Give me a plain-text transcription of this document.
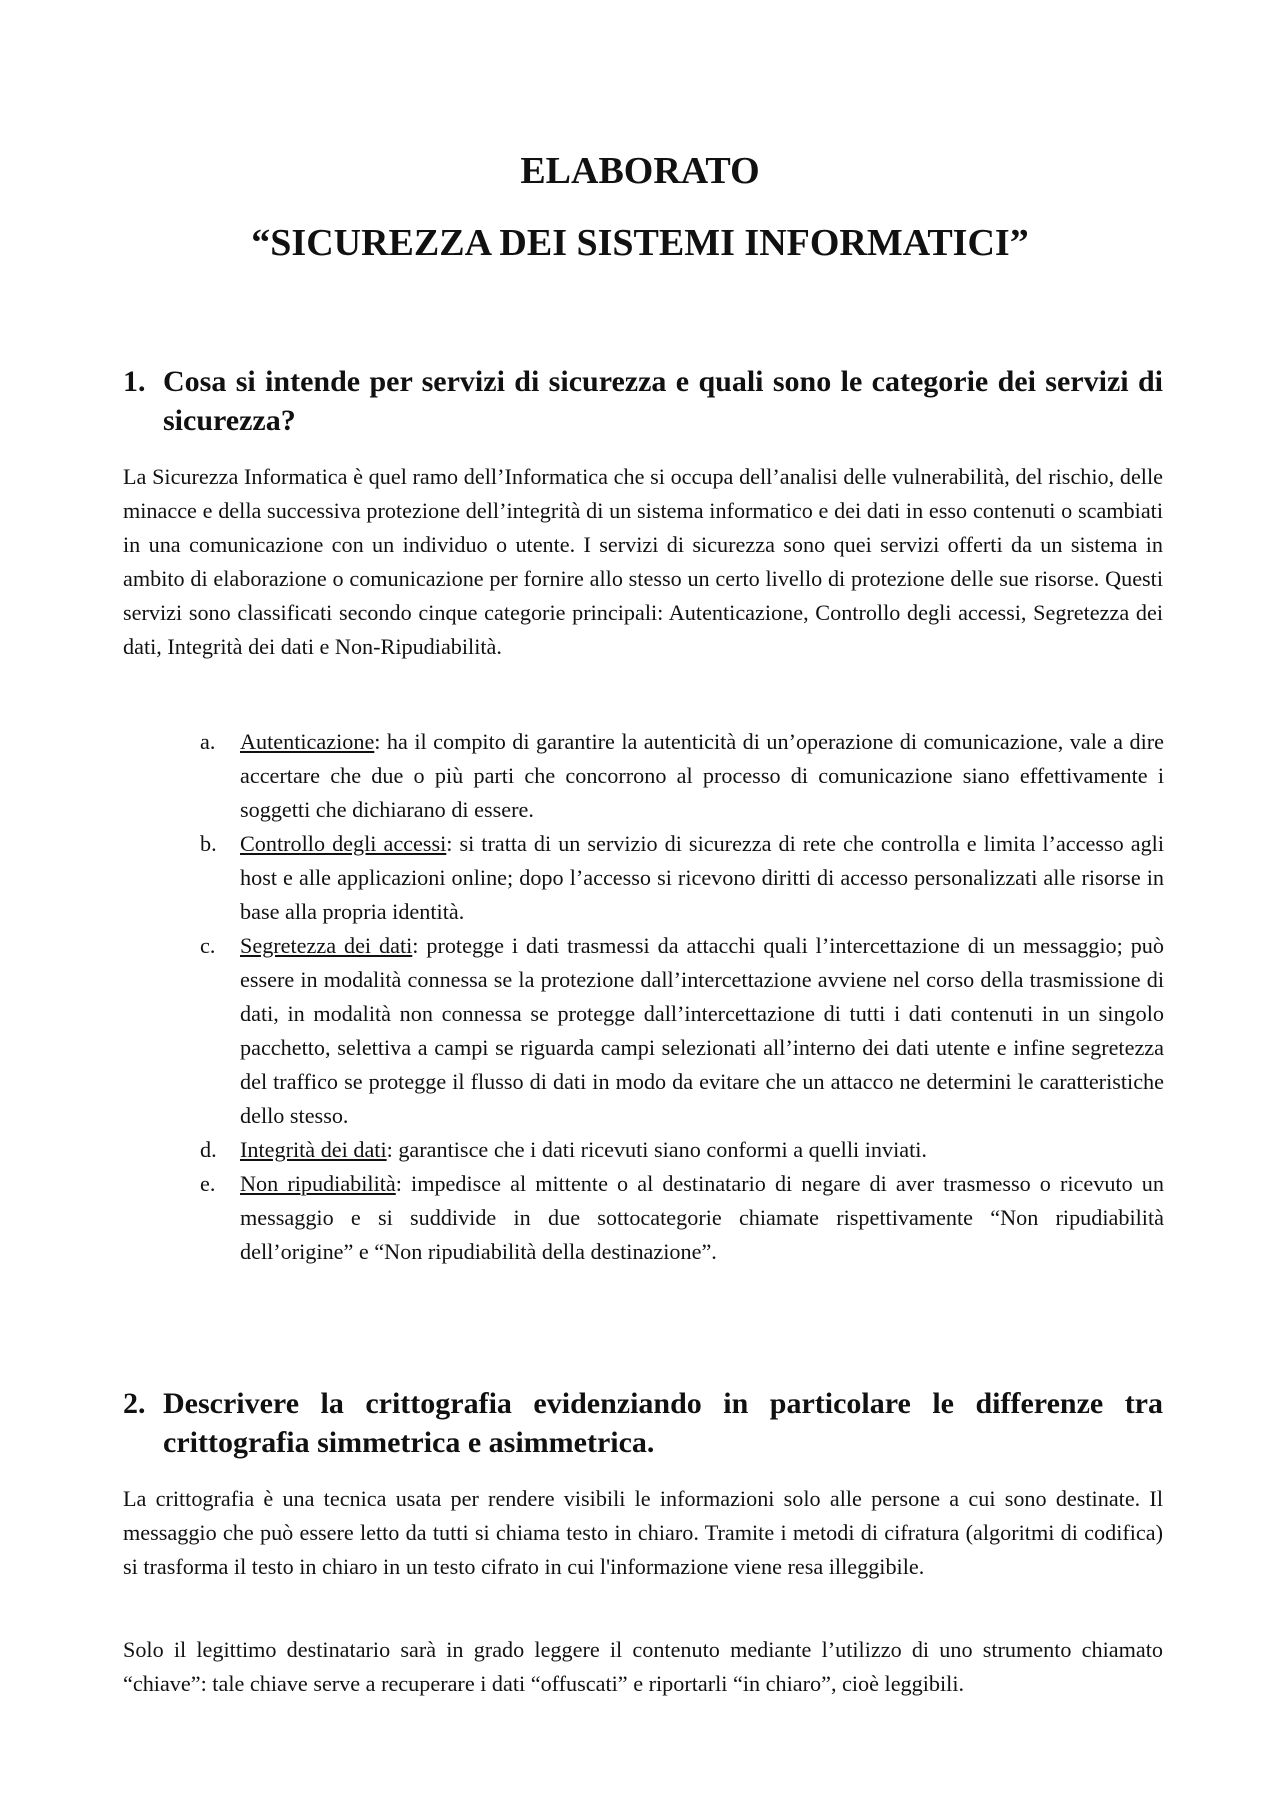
ELABORATO
“SICUREZZA DEI SISTEMI INFORMATICI”
1. Cosa si intende per servizi di sicurezza e quali sono le categorie dei servizi di sicurezza?

La Sicurezza Informatica è quel ramo dell’Informatica che si occupa dell’analisi delle vulnerabilità, del rischio, delle minacce e della successiva protezione dell’integrità di un sistema informatico e dei dati in esso contenuti o scambiati in una comunicazione con un individuo o utente. I servizi di sicurezza sono quei servizi offerti da un sistema in ambito di elaborazione o comunicazione per fornire allo stesso un certo livello di protezione delle sue risorse. Questi servizi sono classificati secondo cinque categorie principali: Autenticazione, Controllo degli accessi, Segretezza dei dati, Integrità dei dati e Non-Ripudiabilità.

a. Autenticazione: ha il compito di garantire la autenticità di un’operazione di comunicazione, vale a dire accertare che due o più parti che concorrono al processo di comunicazione siano effettivamente i soggetti che dichiarano di essere.
b. Controllo degli accessi: si tratta di un servizio di sicurezza di rete che controlla e limita l’accesso agli host e alle applicazioni online; dopo l’accesso si ricevono diritti di accesso personalizzati alle risorse in base alla propria identità.
c. Segretezza dei dati: protegge i dati trasmessi da attacchi quali l’intercettazione di un messaggio; può essere in modalità connessa se la protezione dall’intercettazione avviene nel corso della trasmissione di dati, in modalità non connessa se protegge dall’intercettazione di tutti i dati contenuti in un singolo pacchetto, selettiva a campi se riguarda campi selezionati all’interno dei dati utente e infine segretezza del traffico se protegge il flusso di dati in modo da evitare che un attacco ne determini le caratteristiche dello stesso.
d. Integrità dei dati: garantisce che i dati ricevuti siano conformi a quelli inviati.
e. Non ripudiabilità: impedisce al mittente o al destinatario di negare di aver trasmesso o ricevuto un messaggio e si suddivide in due sottocategorie chiamate rispettivamente “Non ripudiabilità dell’origine” e “Non ripudiabilità della destinazione”.
2. Descrivere la crittografia evidenziando in particolare le differenze tra crittografia simmetrica e asimmetrica.

La crittografia è una tecnica usata per rendere visibili le informazioni solo alle persone a cui sono destinate. Il messaggio che può essere letto da tutti si chiama testo in chiaro. Tramite i metodi di cifratura (algoritmi di codifica) si trasforma il testo in chiaro in un testo cifrato in cui l'informazione viene resa illeggibile.

Solo il legittimo destinatario sarà in grado leggere il contenuto mediante l’utilizzo di uno strumento chiamato “chiave”: tale chiave serve a recuperare i dati “offuscati” e riportarli “in chiaro”, cioè leggibili.
